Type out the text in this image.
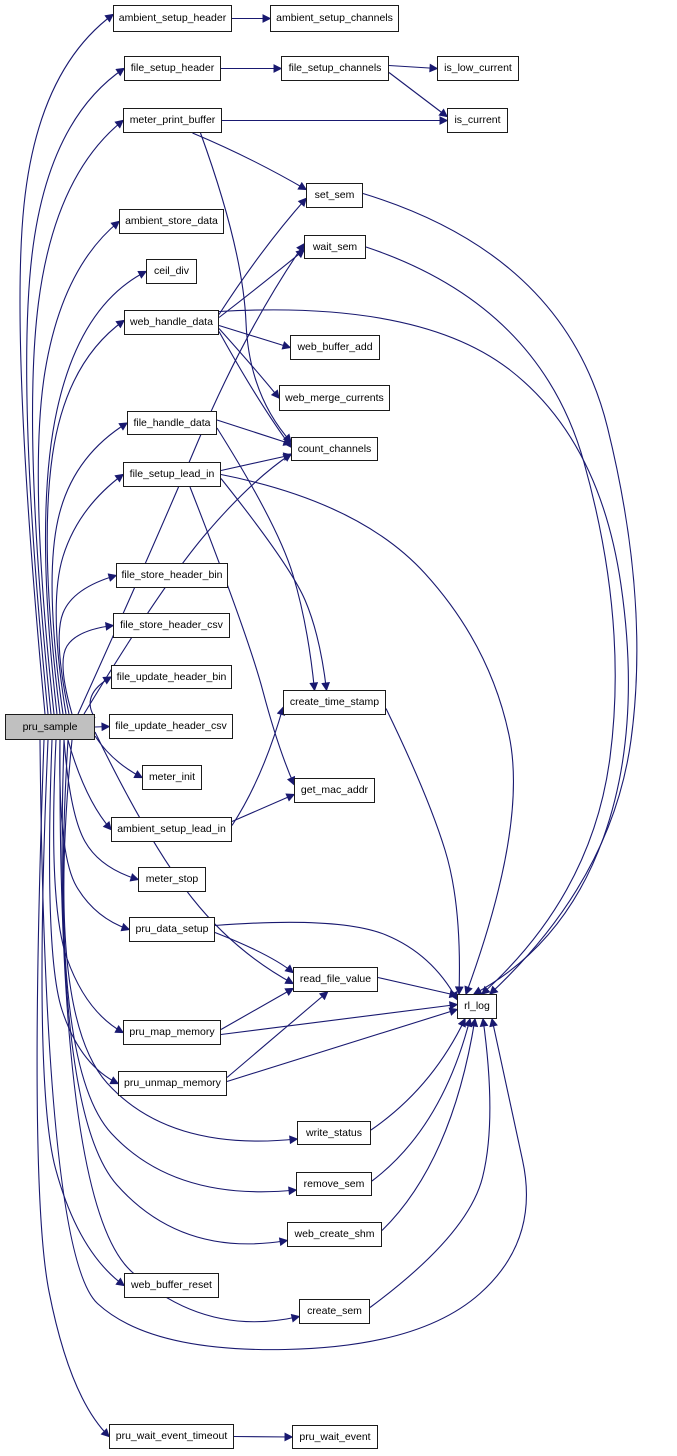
pru_sample
ambient_setup_header	ambient_setup_channels
file_setup_header	file_setup_channels	is_low_current
meter_print_buffer	is_current
set_sem
ambient_store_data
wait_sem
ceil_div
web_handle_data
web_buffer_add
web_merge_currents
file_handle_data
count_channels
file_setup_lead_in
file_store_header_bin
file_store_header_csv
file_update_header_bin
file_update_header_csv
create_time_stamp
meter_init
get_mac_addr
ambient_setup_lead_in
meter_stop
pru_data_setup
read_file_value
rl_log
pru_map_memory
pru_unmap_memory
write_status
remove_sem
web_create_shm
web_buffer_reset
create_sem
pru_wait_event_timeout	pru_wait_event
